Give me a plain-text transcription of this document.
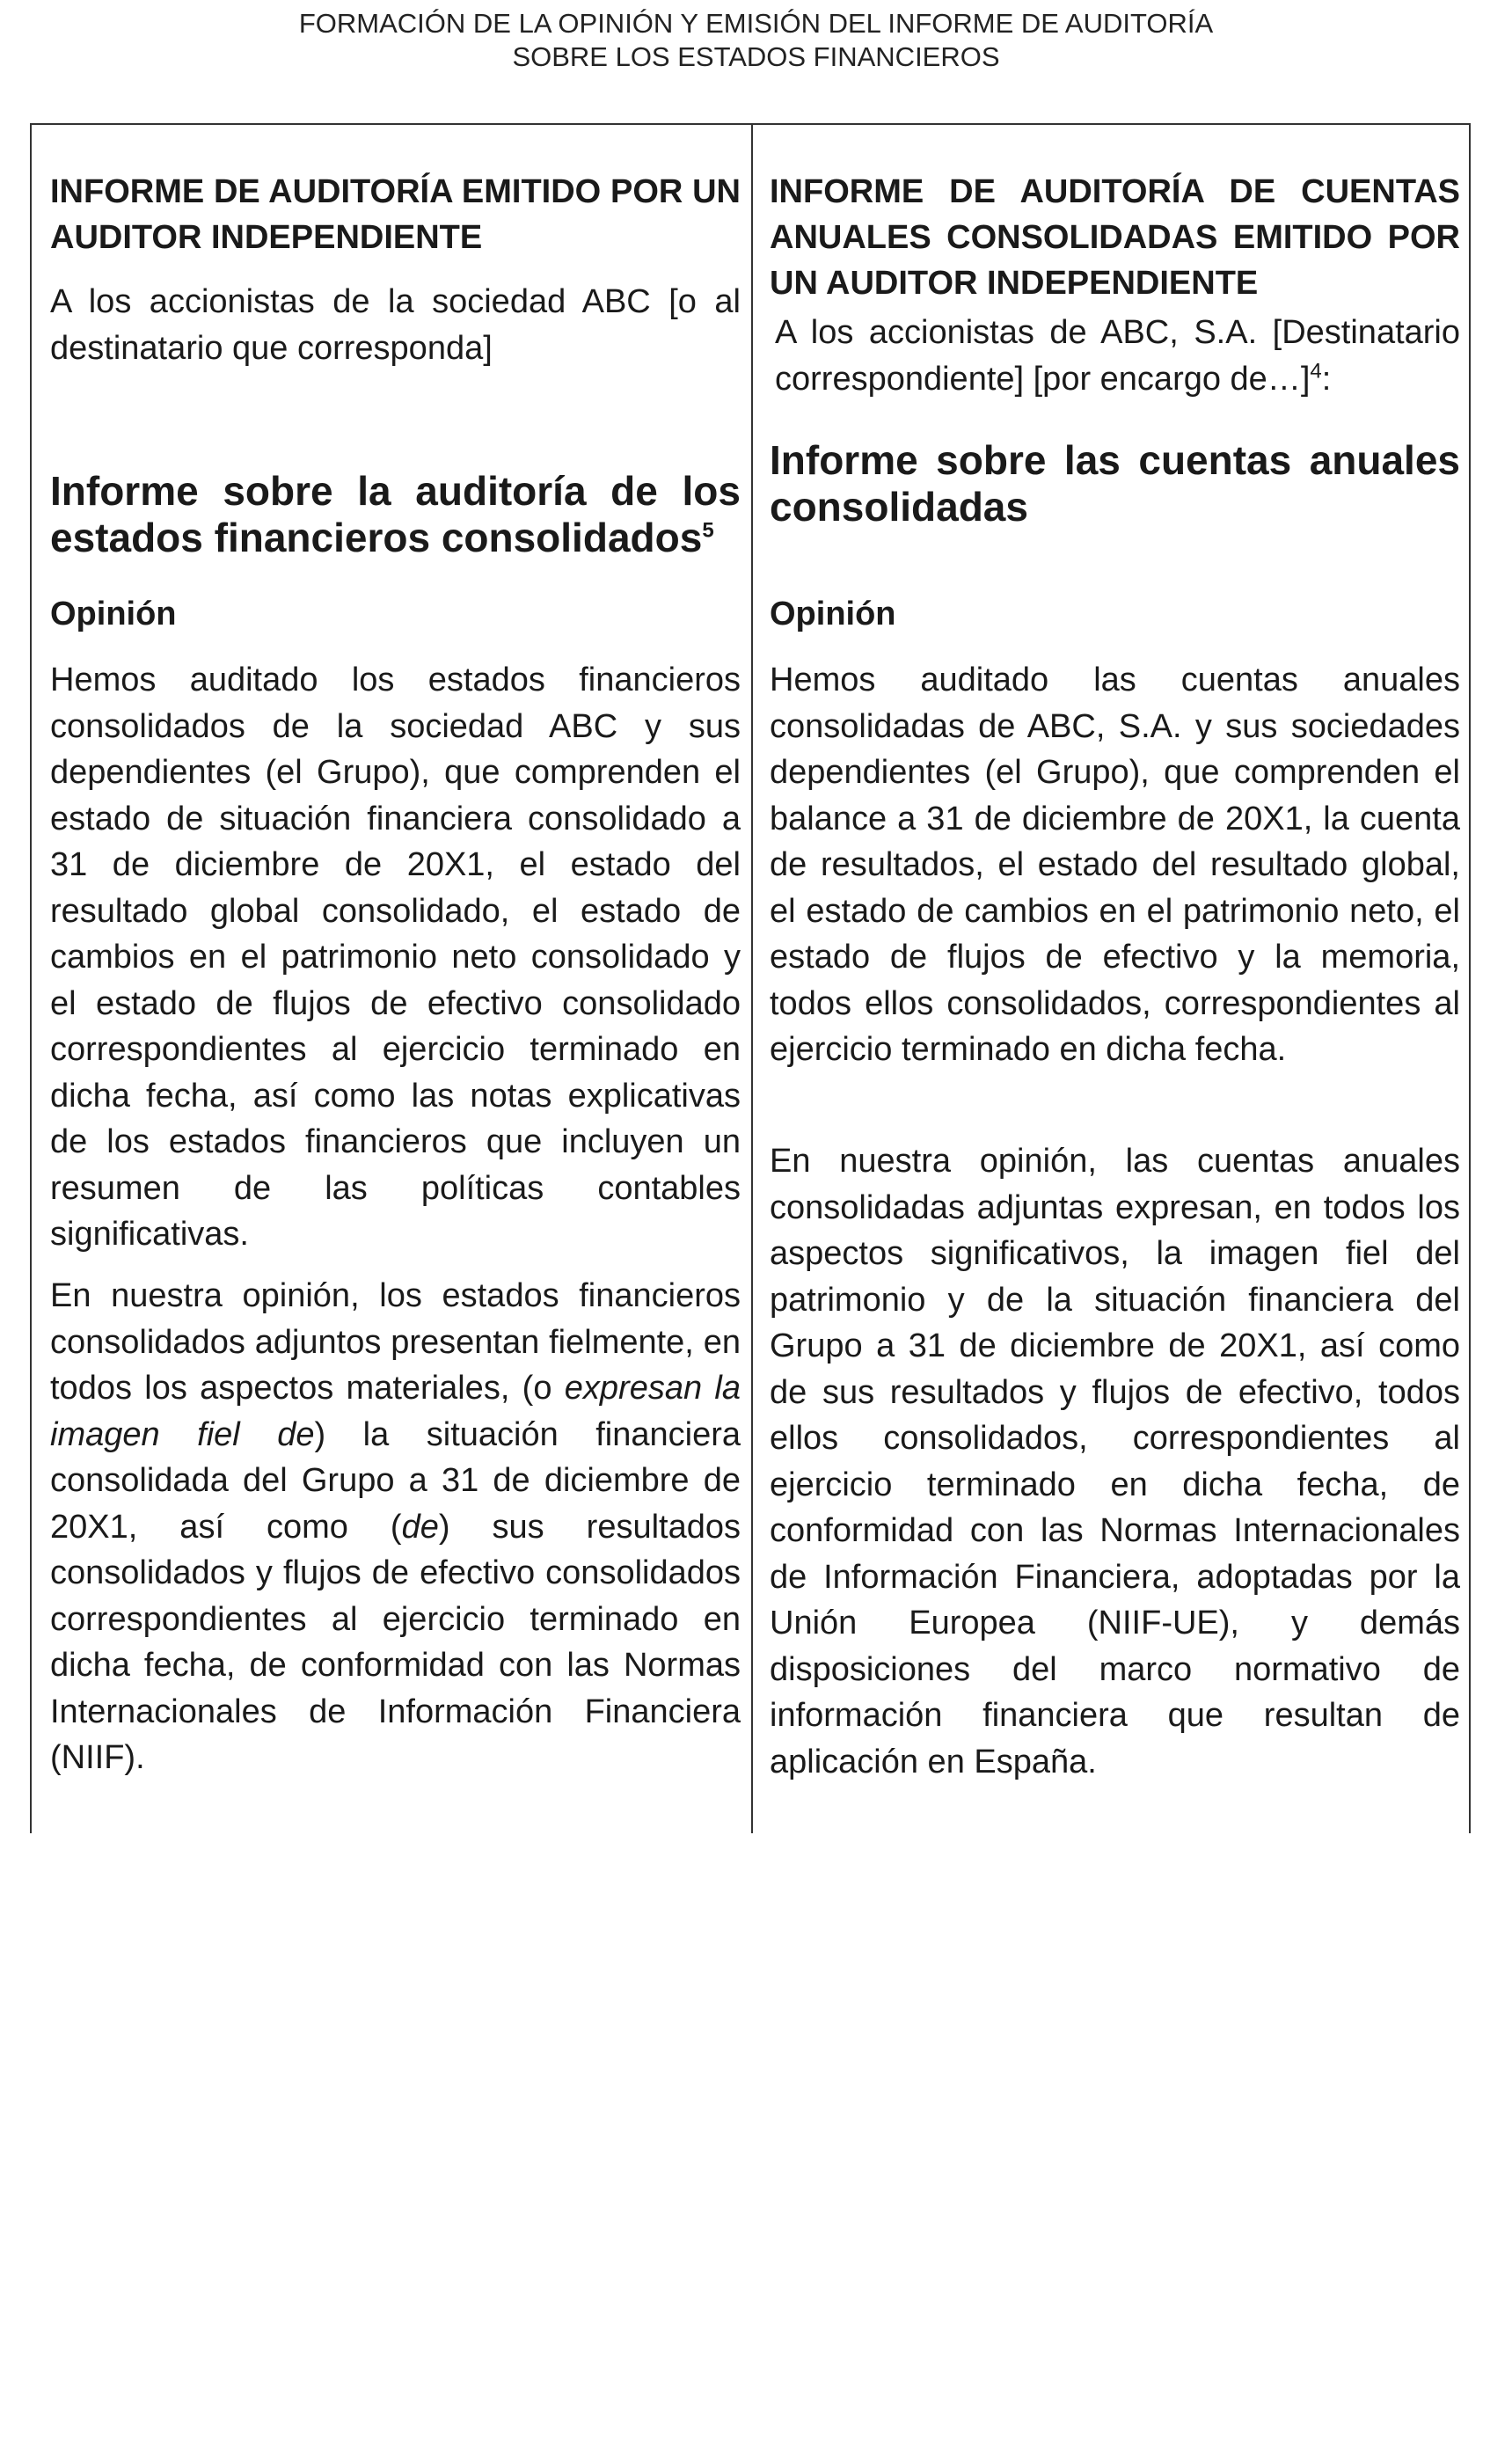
FORMACIÓN DE LA OPINIÓN Y EMISIÓN DEL INFORME DE AUDITORÍA
SOBRE LOS ESTADOS FINANCIEROS
INFORME DE AUDITORÍA EMITIDO POR UN AUDITOR INDEPENDIENTE
A los accionistas de la sociedad ABC [o al destinatario que corresponda]
Informe sobre la auditoría de los estados financieros consolidados$^5$
Opinión

Hemos auditado los estados financieros consolidados de la sociedad ABC y sus dependientes (el Grupo), que comprenden el estado de situación financiera consolidado a 31 de diciembre de 20X1, el estado del resultado global consolidado, el estado de cambios en el patrimonio neto consolidado y el estado de flujos de efectivo consolidado correspondientes al ejercicio terminado en dicha fecha, así como las notas explicativas de los estados financieros que incluyen un resumen de las políticas contables significativas.

En nuestra opinión, los estados financieros consolidados adjuntos presentan fielmente, en todos los aspectos materiales, (o expresan la imagen fiel de) la situación financiera consolidada del Grupo a 31 de diciembre de 20X1, así como (de) sus resultados consolidados y flujos de efectivo consolidados correspondientes al ejercicio terminado en dicha fecha, de conformidad con las Normas Internacionales de Información Financiera (NIIF).

INFORME DE AUDITORÍA DE CUENTAS ANUALES CONSOLIDADAS EMITIDO POR UN AUDITOR INDEPENDIENTE
A los accionistas de ABC, S.A. [Destinatario correspondiente] [por encargo de…]$^4$:
Informe sobre las cuentas anuales consolidadas
Opinión

Hemos auditado las cuentas anuales consolidadas de ABC, S.A. y sus sociedades dependientes (el Grupo), que comprenden el balance a 31 de diciembre de 20X1, la cuenta de resultados, el estado del resultado global, el estado de cambios en el patrimonio neto, el estado de flujos de efectivo y la memoria, todos ellos consolidados, correspondientes al ejercicio terminado en dicha fecha.

En nuestra opinión, las cuentas anuales consolidadas adjuntas expresan, en todos los aspectos significativos, la imagen fiel del patrimonio y de la situación financiera del Grupo a 31 de diciembre de 20X1, así como de sus resultados y flujos de efectivo, todos ellos consolidados, correspondientes al ejercicio terminado en dicha fecha, de conformidad con las Normas Internacionales de Información Financiera, adoptadas por la Unión Europea (NIIF-UE), y demás disposiciones del marco normativo de información financiera que resultan de aplicación en España.
